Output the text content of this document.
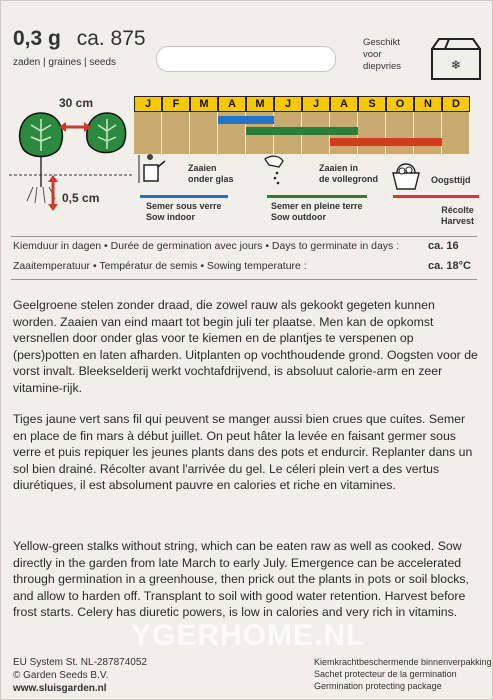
0,3 g ca. 875
zaden | graines | seeds
Geschikt
voor
diepvries	❄
30 cm
0,5 cm
J	F	M	A	M	J	J	A	S	O	N	D
Zaaien
onder glas
Semer sous verre
Sow indoor
Zaaien in
de vollegrond
Semer en pleine terre
Sow outdoor
Oogsttijd
Récolte
Harvest
Kiemduur in dagen • Durée de germination avec jours • Days to germinate in days :	ca. 16
Zaaitemperatuur • Températur de semis • Sowing temperature :	ca. 18°C

Geelgroene stelen zonder draad, die zowel rauw als gekookt gegeten kunnen worden. Zaaien van eind maart tot begin juli ter plaatse. Men kan de opkomst versnellen door onder glas voor te kiemen en de plantjes te verspenen op (pers)potten en laten afharden. Uitplanten op vochthoudende grond. Oogsten voor de vorst invalt. Bleekselderij werkt vochtafdrijvend, is absoluut calorie-arm en zeer vitamine-rijk.

Tiges jaune vert sans fil qui peuvent se manger aussi bien crues que cuites. Semer en place de fin mars à début juillet. On peut hâter la levée en faisant germer sous verre et puis repiquer les jeunes plants dans des pots et endurcir. Replanter dans un sol bien drainé. Récolter avant l'arrivée du gel. Le céleri plein vert a des vertus diurétiques, il est absolument pauvre en calories et riche en vitamines.

Yellow-green stalks without string, which can be eaten raw as well as cooked. Sow directly in the garden from late March to early July. Emergence can be accelerated through germination in a greenhouse, then prick out the plants in pots or soil blocks, and allow to harden off. Transplant to soil with good water retention. Harvest before frost starts. Celery has diuretic powers, is low in calories and very rich in vitamins.

YGERHOME.NL
EU System St. NL-287874052
© Garden Seeds B.V.
www.sluisgarden.nl
Kiemkrachtbeschermende binnenverpakking
Sachet protecteur de la germination
Germination protecting package
